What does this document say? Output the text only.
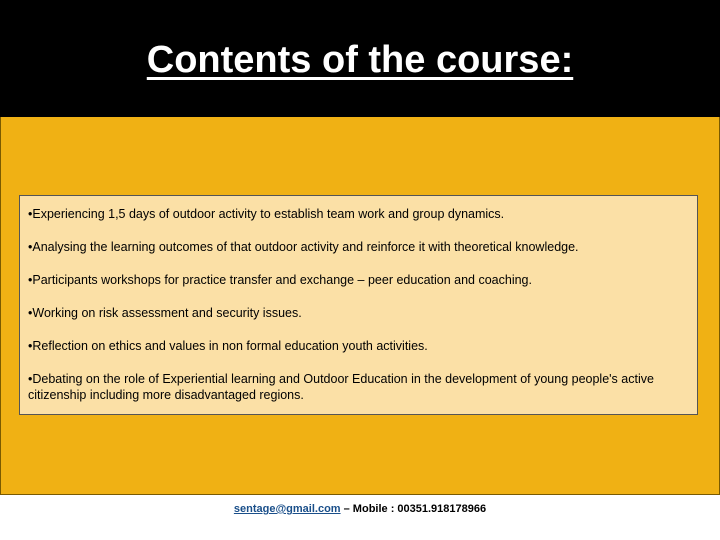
Contents of the course:
•Experiencing 1,5 days of outdoor activity to establish team work and group dynamics.
•Analysing the learning outcomes of that outdoor activity and reinforce it with theoretical knowledge.
•Participants workshops for practice transfer and exchange – peer education and coaching.
•Working on risk assessment and security issues.
•Reflection on ethics and values in non formal education youth activities.
•Debating on the role of Experiential learning and Outdoor Education in the development of young people's active citizenship including more disadvantaged regions.
sentage@gmail.com – Mobile : 00351.918178966
